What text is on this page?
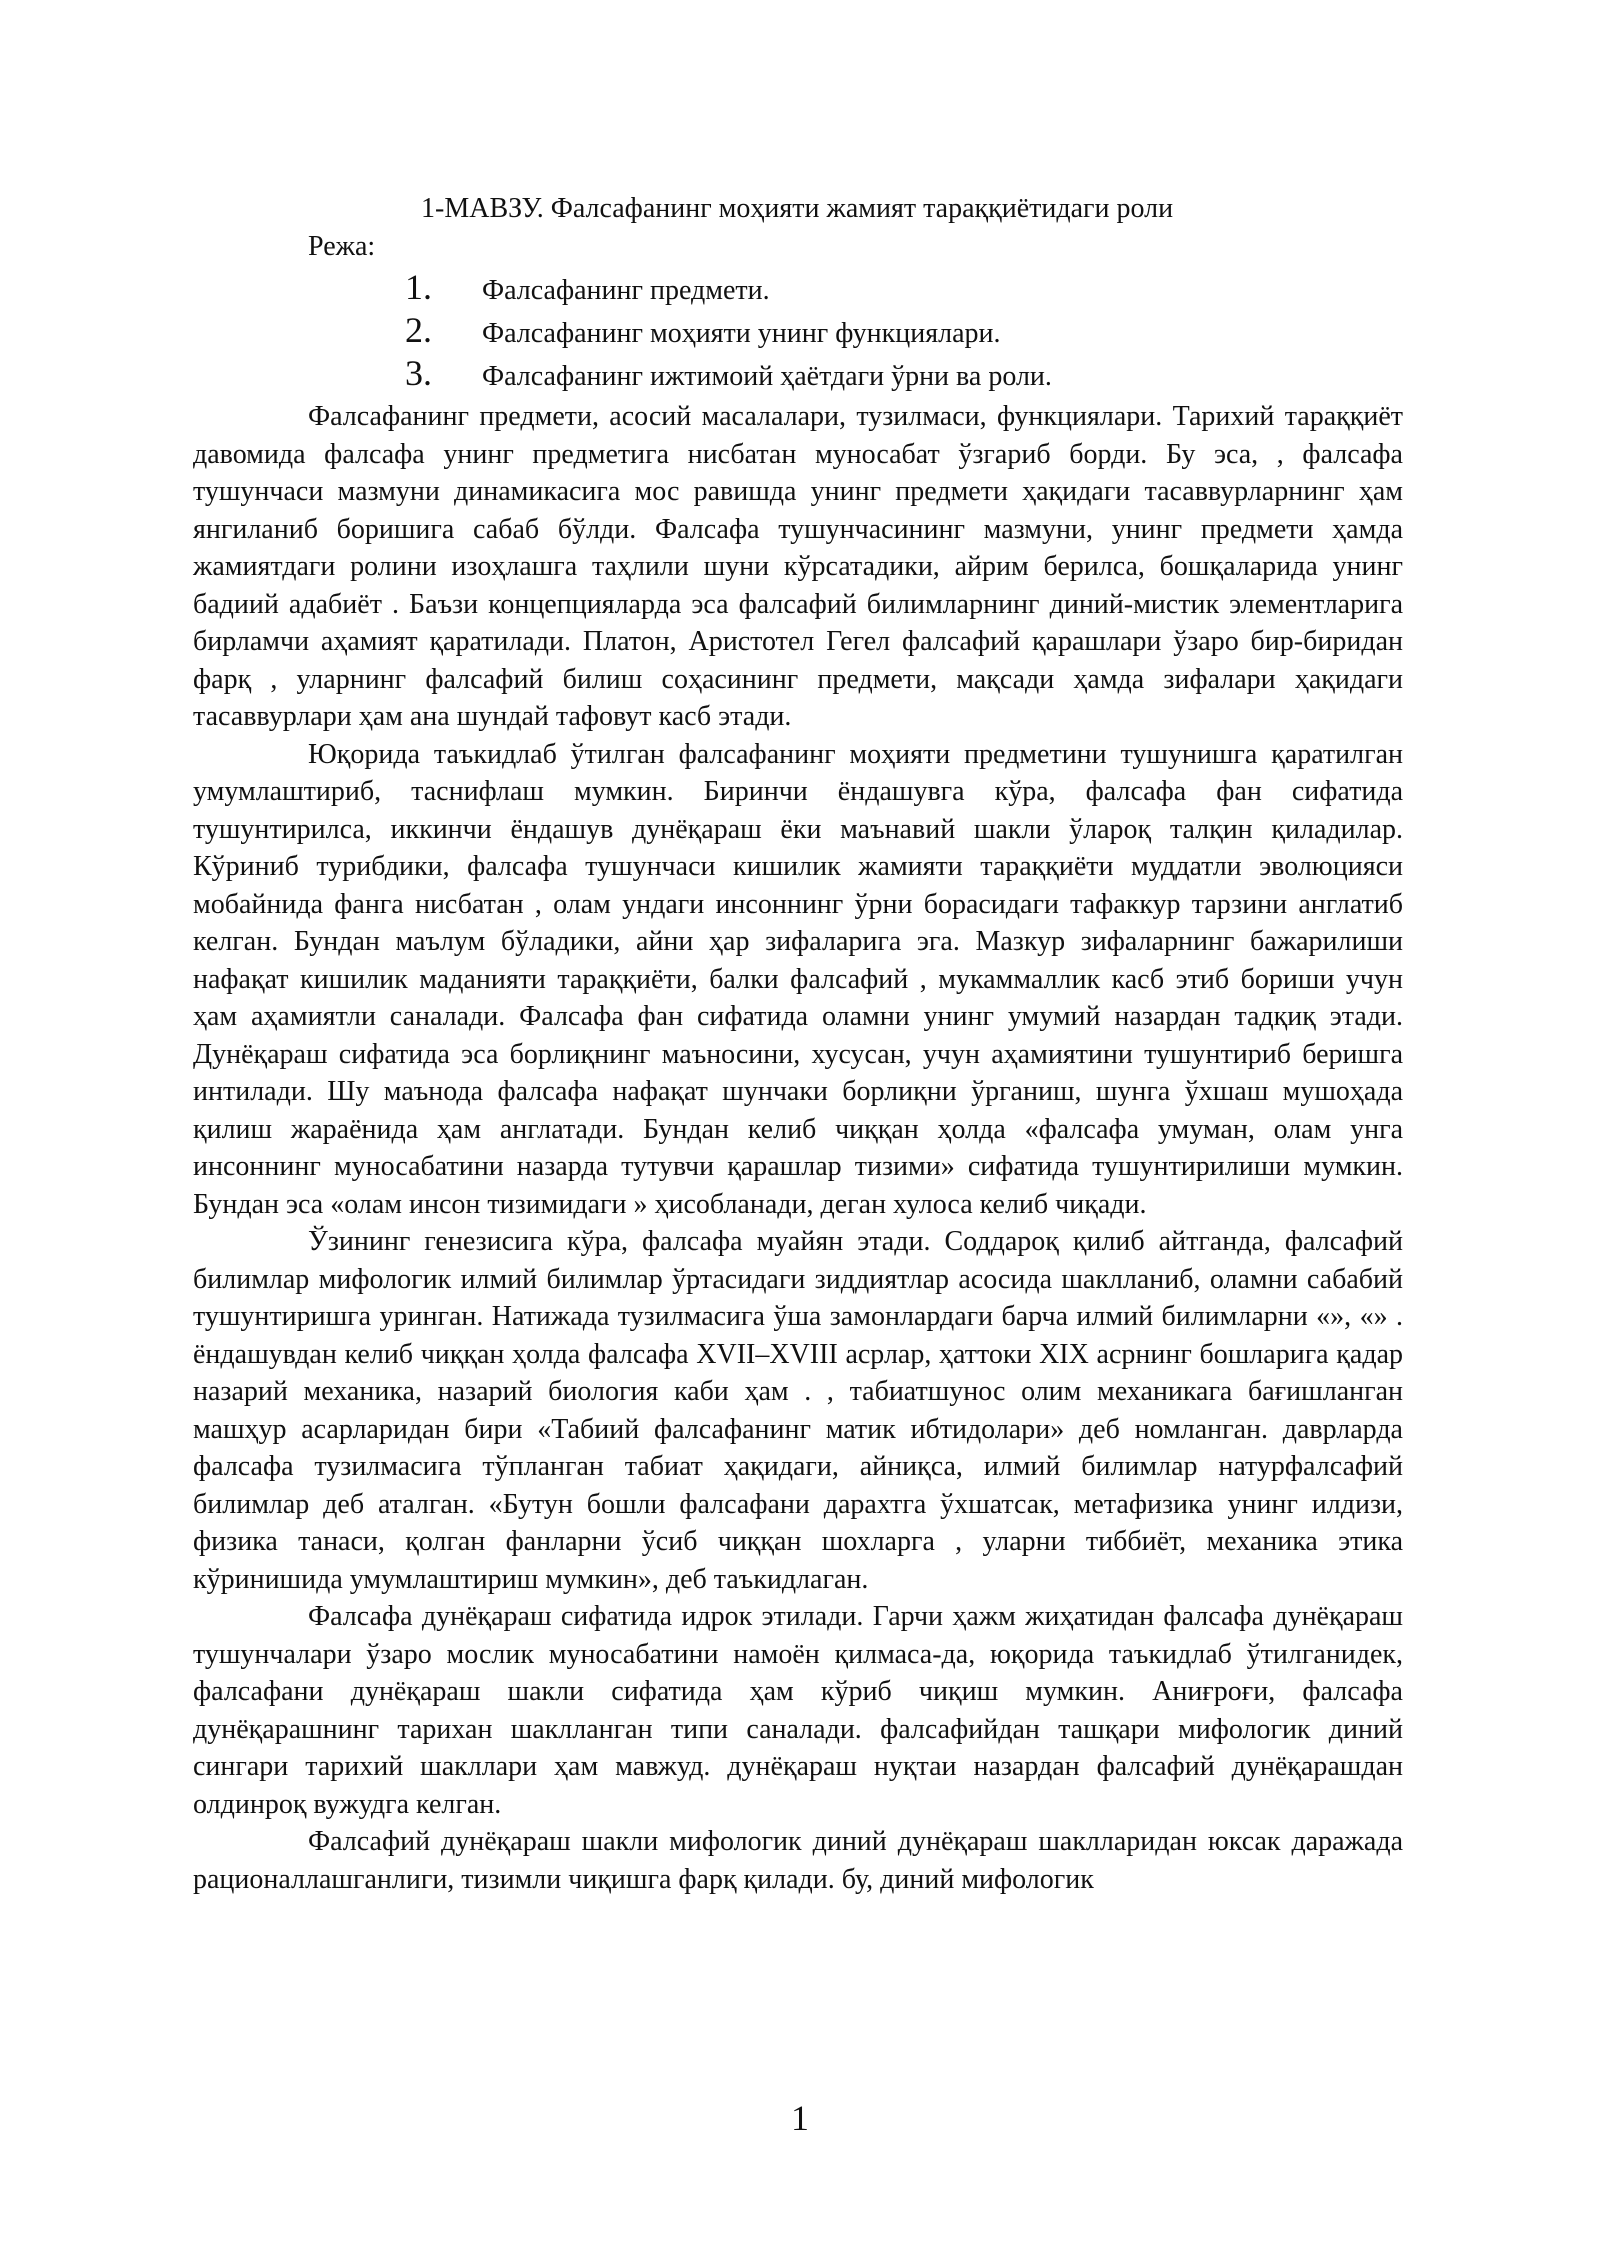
1-МАВЗУ. Фалсафанинг моҳияти жамият тараққиётидаги роли

Режа:

1.	Фалсафанинг предмети.
2.	Фалсафанинг моҳияти унинг функциялари.
3.	Фалсафанинг ижтимоий ҳаётдаги ўрни ва роли.

Фалсафанинг предмети, асосий масалалари, тузилмаси, функциялари. Тарихий тараққиёт давомида фалсафа унинг предметига нисбатан муносабат ўзгариб борди. Бу эса, , фалсафа тушунчаси мазмуни динамикасига мос равишда унинг предмети ҳақидаги тасаввурларнинг ҳам янгиланиб боришига сабаб бўлди. Фалсафа тушунчасининг мазмуни, унинг предмети ҳамда жамиятдаги ролини изоҳлашга таҳлили шуни кўрсатадики, айрим берилса, бошқаларида унинг бадиий адабиёт . Баъзи концепцияларда эса фалсафий билимларнинг диний-мистик элементларига бирламчи аҳамият қаратилади. Платон, Аристотел Гегел фалсафий қарашлари ўзаро бир-биридан фарқ , уларнинг фалсафий билиш соҳасининг предмети, мақсади ҳамда зифалари ҳақидаги тасаввурлари ҳам ана шундай тафовут касб этади.

Юқорида таъкидлаб ўтилган фалсафанинг моҳияти предметини тушунишга қаратилган умумлаштириб, таснифлаш мумкин. Биринчи ёндашувга кўра, фалсафа фан сифатида тушунтирилса, иккинчи ёндашув дунёқараш ёки маънавий шакли ўлароқ талқин қиладилар. Кўриниб турибдики, фалсафа тушунчаси кишилик жамияти тараққиёти муддатли эволюцияси мобайнида фанга нисбатан , олам ундаги инсоннинг ўрни борасидаги тафаккур тарзини англатиб келган. Бундан маълум бўладики, айни ҳар зифаларига эга. Мазкур зифаларнинг бажарилиши нафақат кишилик маданияти тараққиёти, балки фалсафий , мукаммаллик касб этиб бориши учун ҳам аҳамиятли саналади. Фалсафа фан сифатида оламни унинг умумий назардан тадқиқ этади. Дунёқараш сифатида эса борлиқнинг маъносини, хусусан, учун аҳамиятини тушунтириб беришга интилади. Шу маънода фалсафа нафақат шунчаки борлиқни ўрганиш, шунга ўхшаш мушоҳада қилиш жараёнида ҳам англатади. Бундан келиб чиққан ҳолда «фалсафа умуман, олам унга инсоннинг муносабатини назарда тутувчи қарашлар тизими» сифатида тушунтирилиши мумкин. Бундан эса «олам инсон тизимидаги » ҳисобланади, деган хулоса келиб чиқади.

Ўзининг генезисига кўра, фалсафа муайян этади. Соддароқ қилиб айтганда, фалсафий билимлар мифологик илмий билимлар ўртасидаги зиддиятлар асосида шаклланиб, оламни сабабий тушунтиришга уринган. Натижада тузилмасига ўша замонлардаги барча илмий билимларни «», «» . ёндашувдан келиб чиққан ҳолда фалсафа XVII–XVIII асрлар, ҳаттоки XIX асрнинг бошларига қадар назарий механика, назарий биология каби ҳам . , табиатшунос олим механикага бағишланган машҳур асарларидан бири «Табиий фалсафанинг матик ибтидолари» деб номланган. даврларда фалсафа тузилмасига тўпланган табиат ҳақидаги, айниқса, илмий билимлар натурфалсафий билимлар деб аталган. «Бутун бошли фалсафани дарахтга ўхшатсак, метафизика унинг илдизи, физика танаси, қолган фанларни ўсиб чиққан шохларга , уларни тиббиёт, механика этика кўринишида умумлаштириш мумкин», деб таъкидлаган.

Фалсафа дунёқараш сифатида идрок этилади. Гарчи ҳажм жиҳатидан фалсафа дунёқараш тушунчалари ўзаро мослик муносабатини намоён қилмаса-да, юқорида таъкидлаб ўтилганидек, фалсафани дунёқараш шакли сифатида ҳам кўриб чиқиш мумкин. Аниғроғи, фалсафа дунёқарашнинг тарихан шаклланган типи саналади. фалсафийдан ташқари мифологик диний сингари тарихий шакллари ҳам мавжуд. дунёқараш нуқтаи назардан фалсафий дунёқарашдан олдинроқ вужудга келган.

Фалсафий дунёқараш шакли мифологик диний дунёқараш шаклларидан юксак даражада рационаллашганлиги, тизимли чиқишга фарқ қилади. бу, диний мифологик

1
